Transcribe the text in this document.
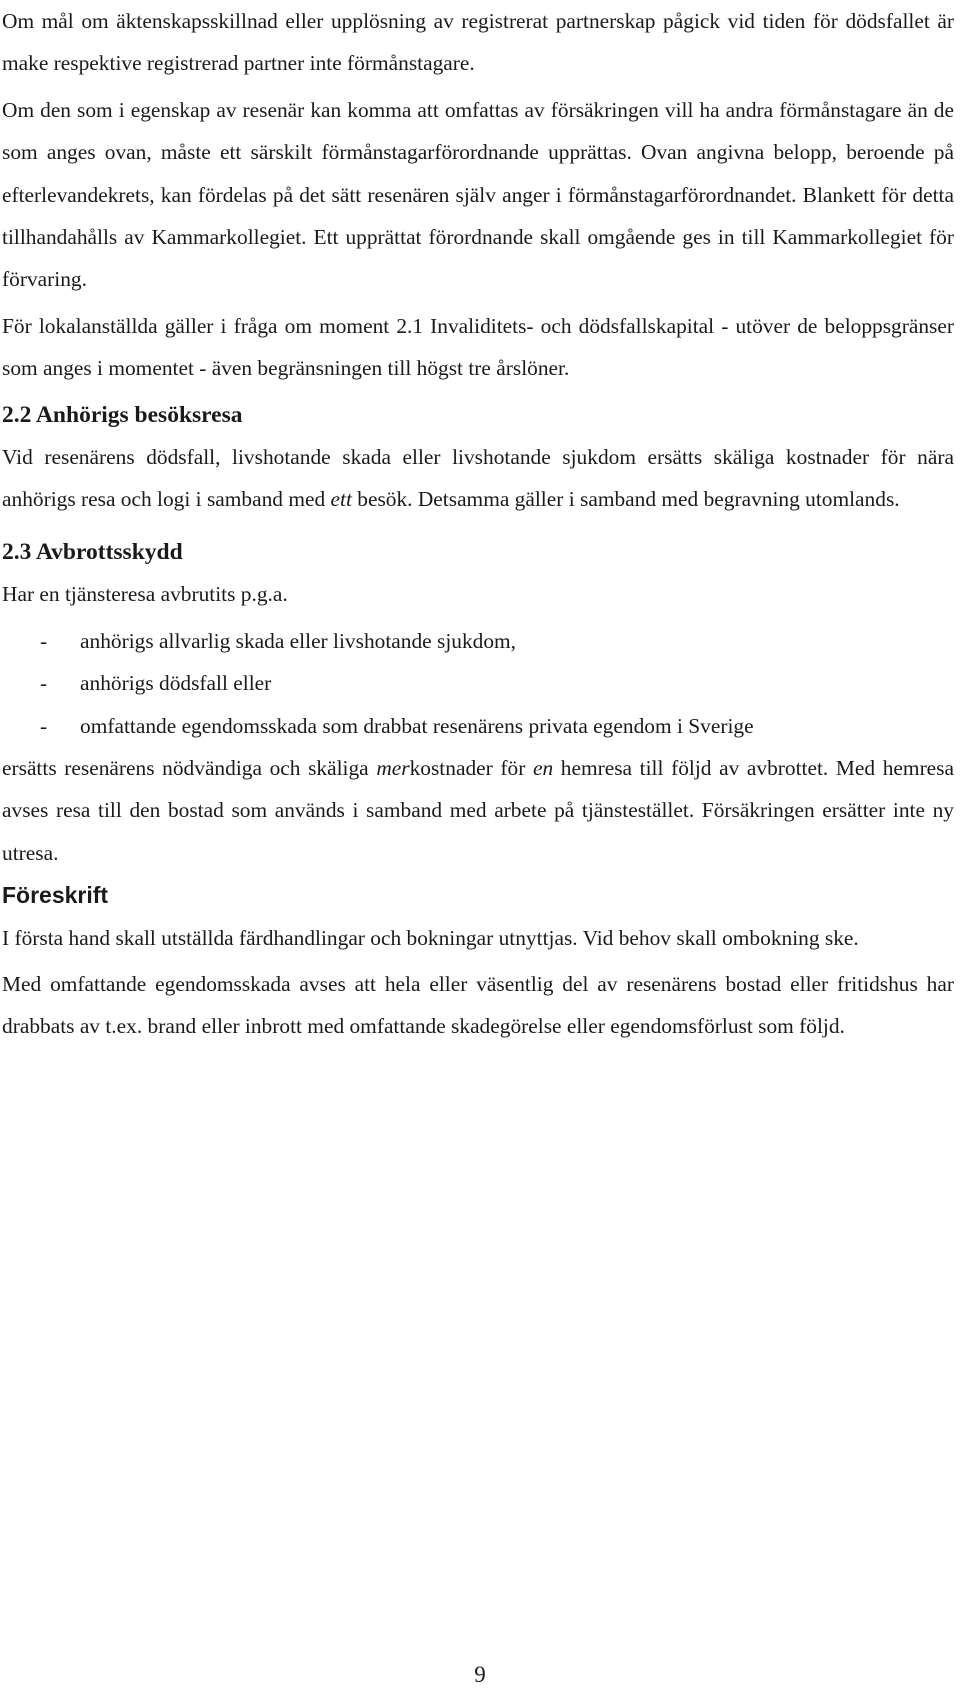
Om mål om äktenskapsskillnad eller upplösning av registrerat partnerskap pågick vid tiden för dödsfallet är make respektive registrerad partner inte förmånstagare.

Om den som i egenskap av resenär kan komma att omfattas av försäkringen vill ha andra förmånstagare än de som anges ovan, måste ett särskilt förmånstagarförordnande upprättas. Ovan angivna belopp, beroende på efterlevandekrets, kan fördelas på det sätt resenären själv anger i förmånstagarförordnandet. Blankett för detta tillhandahålls av Kammarkollegiet. Ett upprättat förordnande skall omgående ges in till Kammarkollegiet för förvaring.

För lokalanställda gäller i fråga om moment 2.1 Invaliditets- och dödsfallskapital - utöver de beloppsgränser som anges i momentet - även begränsningen till högst tre årslöner.

2.2 Anhörigs besöksresa

Vid resenärens dödsfall, livshotande skada eller livshotande sjukdom ersätts skäliga kostnader för nära anhörigs resa och logi i samband med ett besök. Detsamma gäller i samband med begravning utomlands.

2.3 Avbrottsskydd

Har en tjänsteresa avbrutits p.g.a.

-	anhörigs allvarlig skada eller livshotande sjukdom,
-	anhörigs dödsfall eller
-	omfattande egendomsskada som drabbat resenärens privata egendom i Sverige

ersätts resenärens nödvändiga och skäliga merkostnader för en hemresa till följd av avbrottet. Med hemresa avses resa till den bostad som används i samband med arbete på tjänstestället. Försäkringen ersätter inte ny utresa.

Föreskrift

I första hand skall utställda färdhandlingar och bokningar utnyttjas. Vid behov skall ombokning ske.

Med omfattande egendomsskada avses att hela eller väsentlig del av resenärens bostad eller fritidshus har drabbats av t.ex. brand eller inbrott med omfattande skadegörelse eller egendomsförlust som följd.

9
